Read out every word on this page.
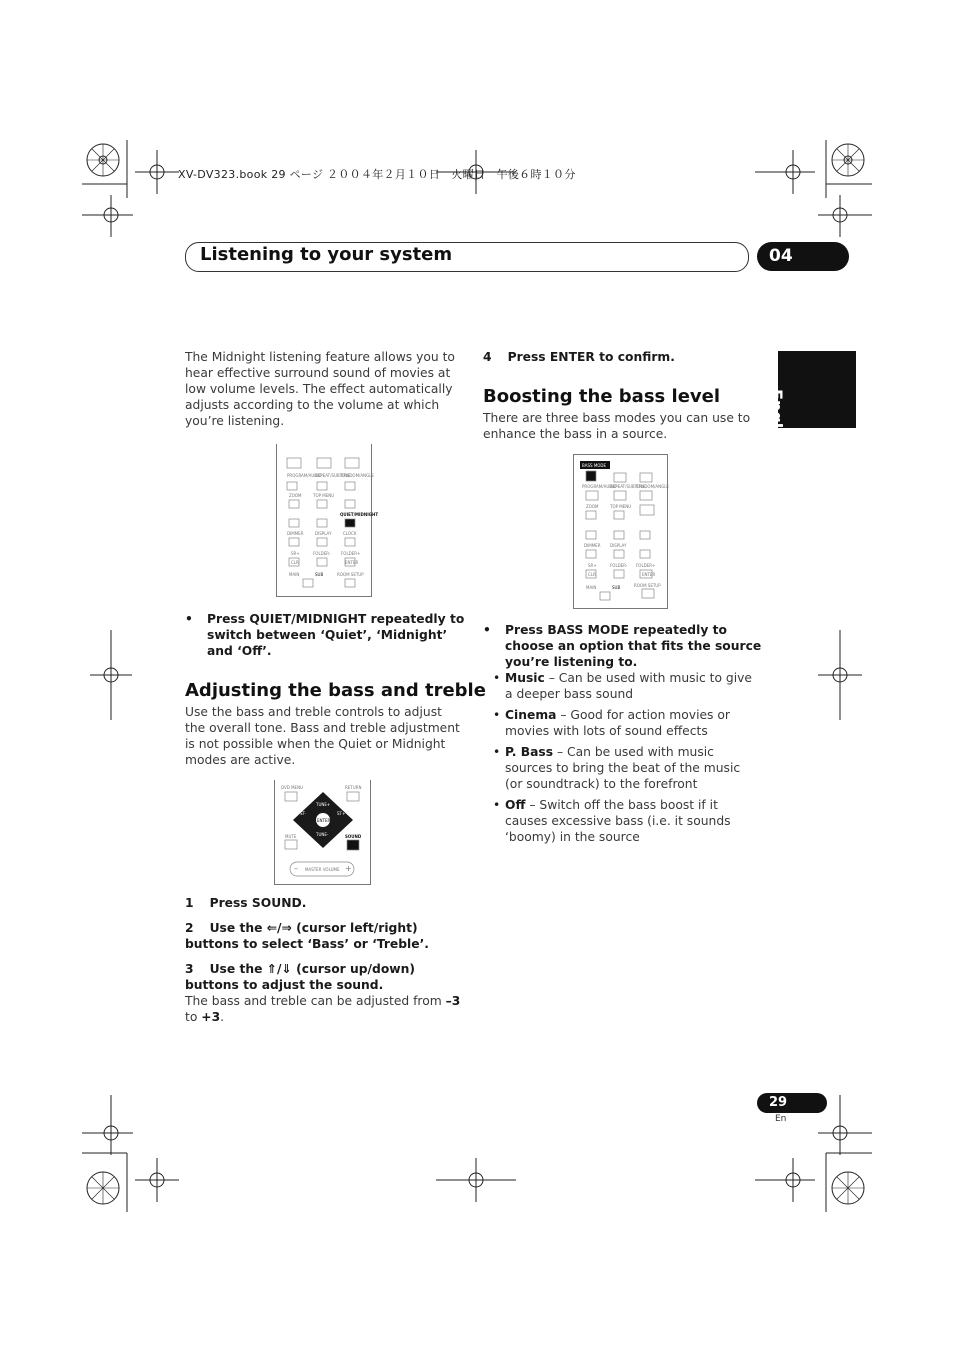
XV-DV323.book 29 ページ ２００４年２月１０日　火曜日　午後６時１０分
Listening to your system	04
English

The Midnight listening feature allows you to hear effective surround sound of movies at low volume levels. The effect automatically adjusts according to the volume at which you’re listening.

PROGRAM/AUDIO
REPEAT/SUBTITLE
RANDOM/ANGLE
ZOOM	TOP MENU
QUIET/MIDNIGHT
DIMMER	DISPLAY	CLOCK
SR+	FOLDER-	FOLDER+
CLR	ENTER
ROOM SETUP
MAIN	SUB

• Press QUIET/MIDNIGHT repeatedly to switch between ‘Quiet’, ‘Midnight’ and ‘Off’.

Adjusting the bass and treble

Use the bass and treble controls to adjust the overall tone. Bass and treble adjustment is not possible when the Quiet or Midnight modes are active.

TUNE+
TUNE-
ST-	ST+
ENTER
DVD MENU	RETURN
MUTE	SOUND
MASTER VOLUME
–	+

1 Press SOUND.

2 Use the ⇐/⇒ (cursor left/right) buttons to select ‘Bass’ or ‘Treble’.

3 Use the ⇑/⇓ (cursor up/down) buttons to adjust the sound.

The bass and treble can be adjusted from –3 to +3.

4 Press ENTER to confirm.

Boosting the bass level

There are three bass modes you can use to enhance the bass in a source.

BASS MODE
PROGRAM/AUDIO
REPEAT/SUBTITLE
RANDOM/ANGLE
ZOOM	TOP MENU
DIMMER DISPLAY
SR+	FOLDER- FOLDER+
CLR	ENTER
ROOM SETUP
MAIN	SUB

• Press BASS MODE repeatedly to choose an option that fits the source you’re listening to.

• Music – Can be used with music to give a deeper bass sound
• Cinema – Good for action movies or movies with lots of sound effects
• P. Bass – Can be used with music sources to bring the beat of the music (or soundtrack) to the forefront
• Off – Switch off the bass boost if it causes excessive bass (i.e. it sounds ‘boomy) in the source
29
En
